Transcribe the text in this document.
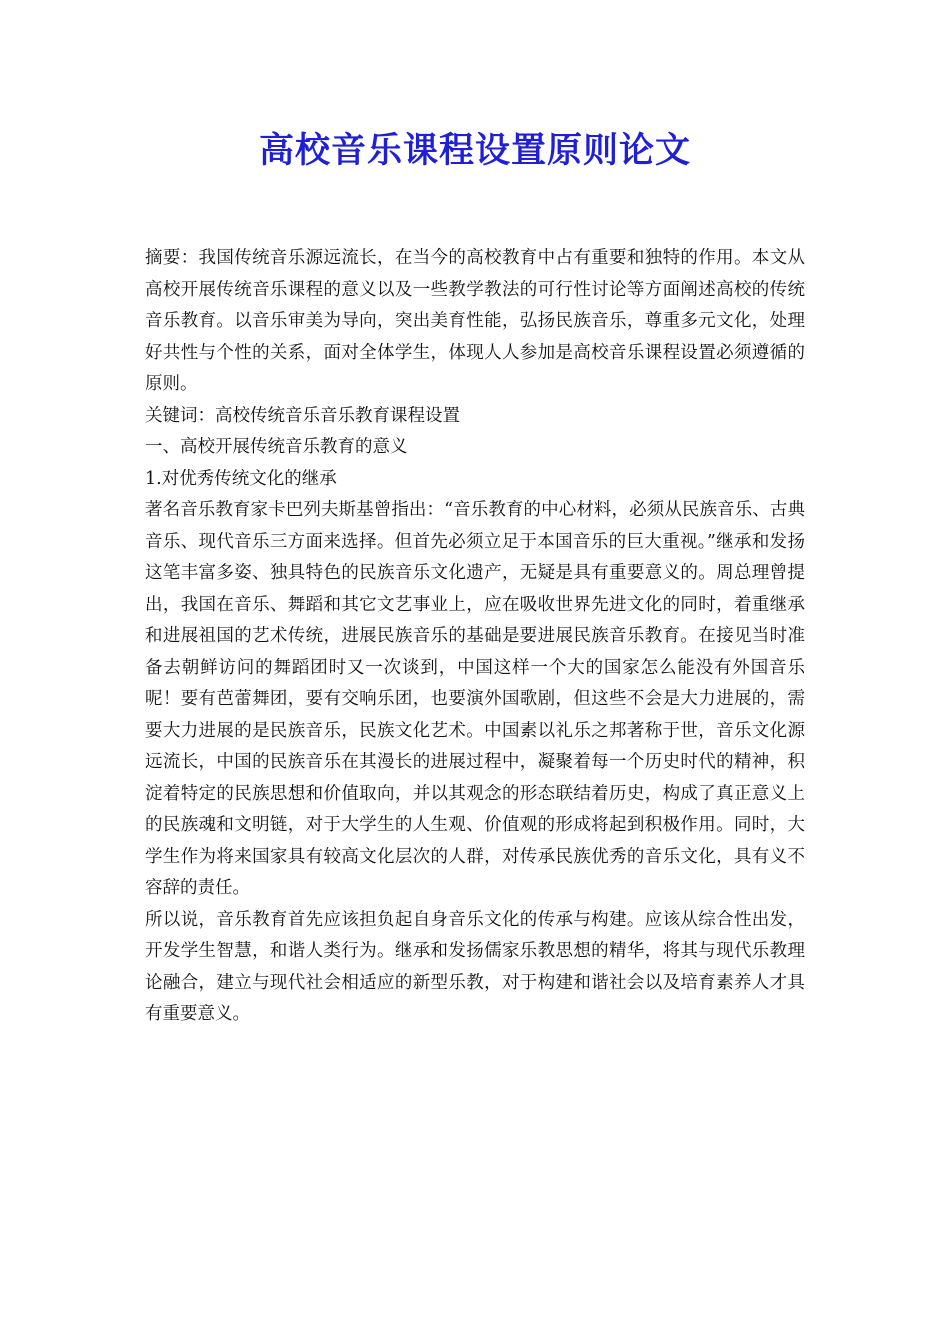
高校音乐课程设置原则论文

摘要：我国传统音乐源远流长，在当今的高校教育中占有重要和独特的作用。本文从高校开展传统音乐课程的意义以及一些教学教法的可行性讨论等方面阐述高校的传统音乐教育。以音乐审美为导向，突出美育性能，弘扬民族音乐，尊重多元文化，处理好共性与个性的关系，面对全体学生，体现人人参加是高校音乐课程设置必须遵循的原则。

关键词：高校传统音乐音乐教育课程设置

一、高校开展传统音乐教育的意义

1.对优秀传统文化的继承

著名音乐教育家卡巴列夫斯基曾指出：“音乐教育的中心材料，必须从民族音乐、古典音乐、现代音乐三方面来选择。但首先必须立足于本国音乐的巨大重视。”继承和发扬这笔丰富多姿、独具特色的民族音乐文化遗产，无疑是具有重要意义的。周总理曾提出，我国在音乐、舞蹈和其它文艺事业上，应在吸收世界先进文化的同时，着重继承和进展祖国的艺术传统，进展民族音乐的基础是要进展民族音乐教育。在接见当时准备去朝鲜访问的舞蹈团时又一次谈到，中国这样一个大的国家怎么能没有外国音乐呢！要有芭蕾舞团，要有交响乐团，也要演外国歌剧，但这些不会是大力进展的，需要大力进展的是民族音乐，民族文化艺术。中国素以礼乐之邦著称于世，音乐文化源远流长，中国的民族音乐在其漫长的进展过程中，凝聚着每一个历史时代的精神，积淀着特定的民族思想和价值取向，并以其观念的形态联结着历史，构成了真正意义上的民族魂和文明链，对于大学生的人生观、价值观的形成将起到积极作用。同时，大学生作为将来国家具有较高文化层次的人群，对传承民族优秀的音乐文化，具有义不容辞的责任。

所以说，音乐教育首先应该担负起自身音乐文化的传承与构建。应该从综合性出发，开发学生智慧，和谐人类行为。继承和发扬儒家乐教思想的精华，将其与现代乐教理论融合，建立与现代社会相适应的新型乐教，对于构建和谐社会以及培育素养人才具有重要意义。
